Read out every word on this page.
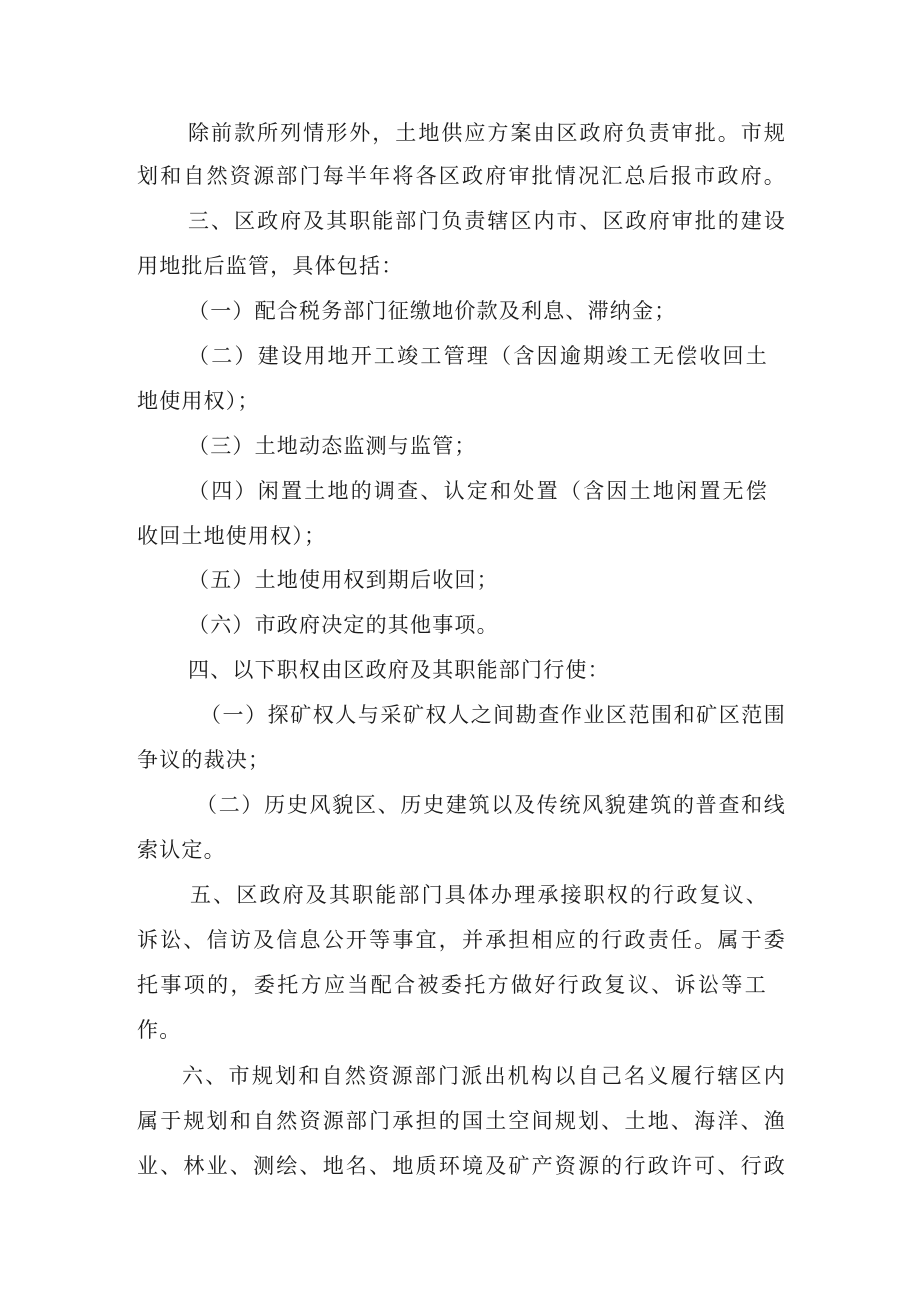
除前款所列情形外，土地供应方案由区政府负责审批。市规
划和自然资源部门每半年将各区政府审批情况汇总后报市政府。
三、区政府及其职能部门负责辖区内市、区政府审批的建设
用地批后监管，具体包括：
（一）配合税务部门征缴地价款及利息、滞纳金；
（二）建设用地开工竣工管理（含因逾期竣工无偿收回土
地使用权）；
（三）土地动态监测与监管；
（四）闲置土地的调查、认定和处置（含因土地闲置无偿
收回土地使用权）；
（五）土地使用权到期后收回；
（六）市政府决定的其他事项。
四、以下职权由区政府及其职能部门行使：
（一）探矿权人与采矿权人之间勘查作业区范围和矿区范围
争议的裁决；
（二）历史风貌区、历史建筑以及传统风貌建筑的普查和线
索认定。
五、区政府及其职能部门具体办理承接职权的行政复议、
诉讼、信访及信息公开等事宜，并承担相应的行政责任。属于委
托事项的，委托方应当配合被委托方做好行政复议、诉讼等工
作。
六、市规划和自然资源部门派出机构以自己名义履行辖区内
属于规划和自然资源部门承担的国土空间规划、土地、海洋、渔
业、林业、测绘、地名、地质环境及矿产资源的行政许可、行政
